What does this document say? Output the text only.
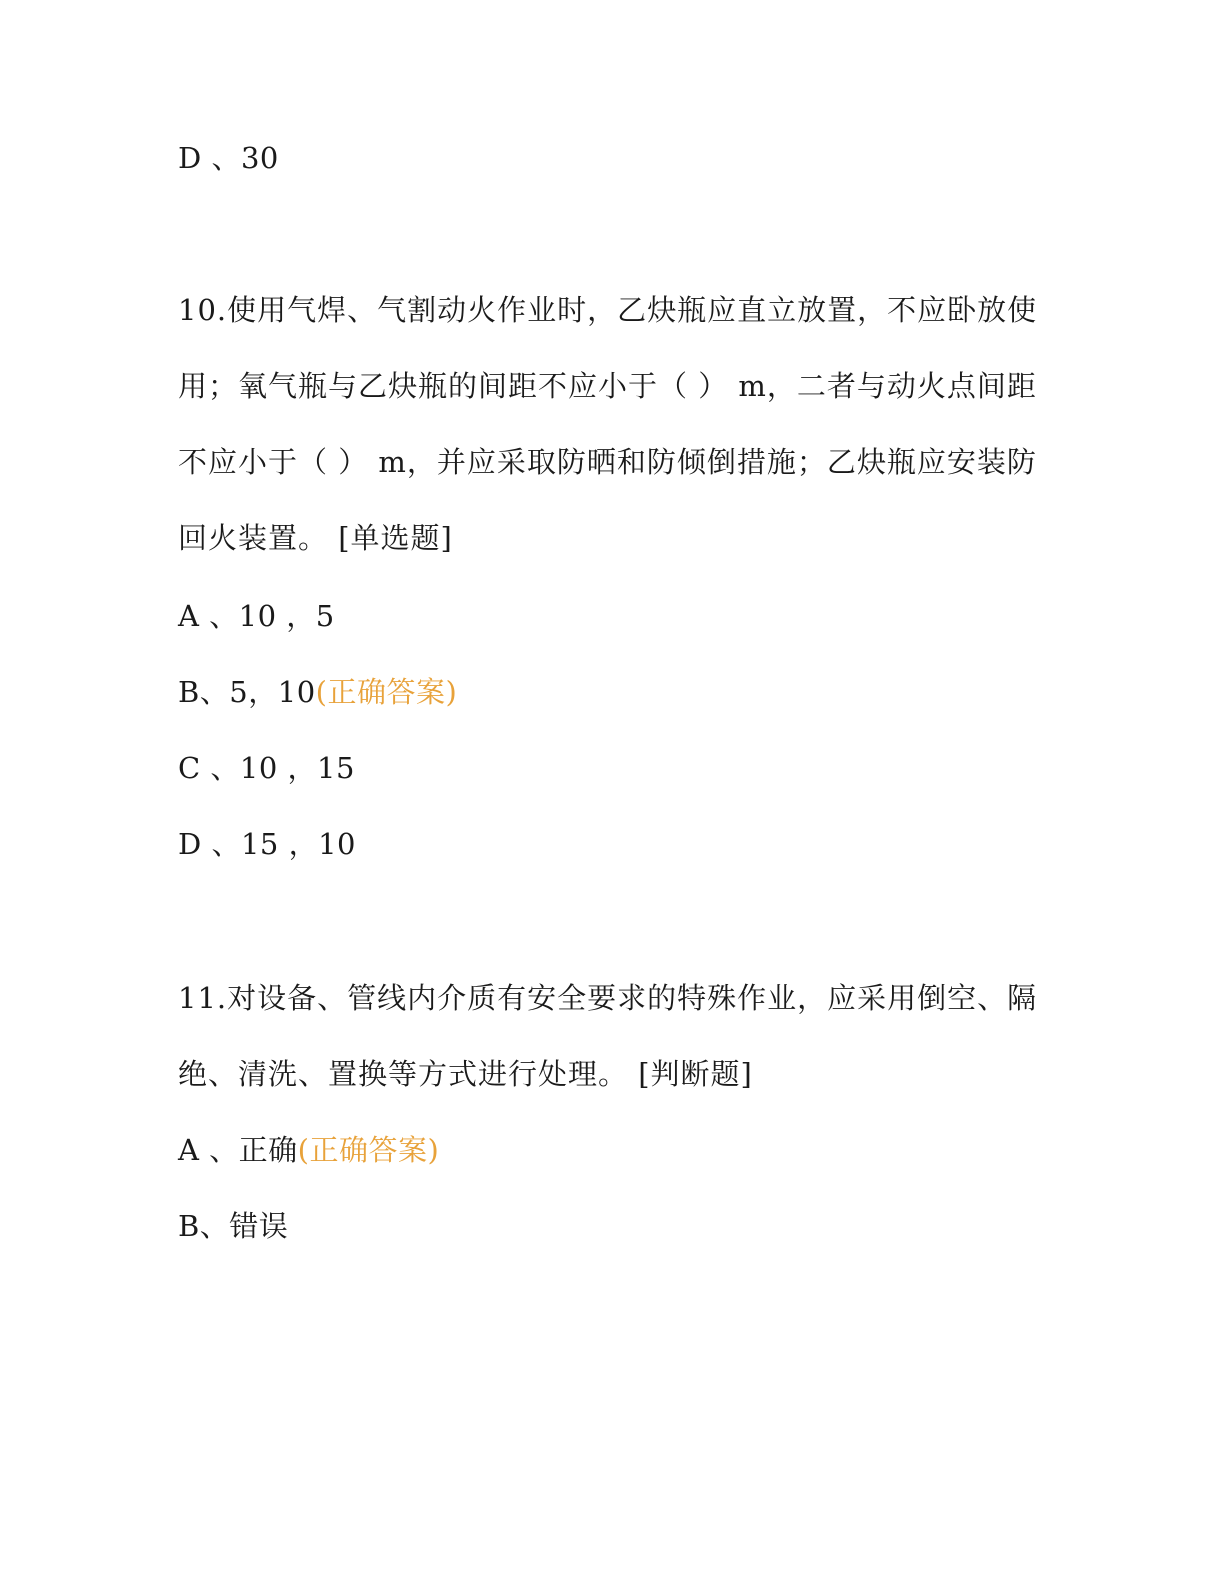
D 、30
10.使用气焊、气割动火作业时，乙炔瓶应直立放置，不应卧放使
用；氧气瓶与乙炔瓶的间距不应小于（ ） m，二者与动火点间距
不应小于（ ） m，并应采取防晒和防倾倒措施；乙炔瓶应安装防
回火装置。 [单选题]
A 、10 ，5
B、5，10(正确答案)
C 、10 ，15
D 、15 ，10
11.对设备、管线内介质有安全要求的特殊作业，应采用倒空、隔
绝、清洗、置换等方式进行处理。 [判断题]
A 、正确(正确答案)
B、错误
